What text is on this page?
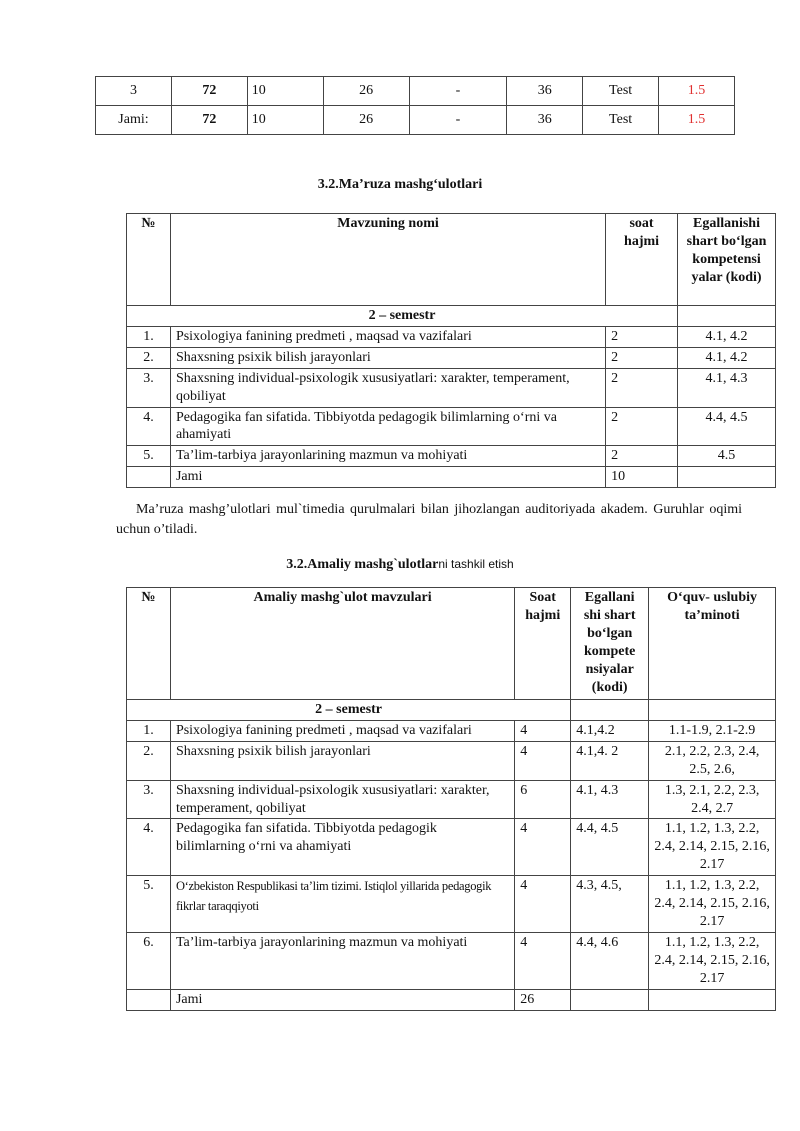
3	72	10	26	-	36	Test	1.5
Jami:	72	10	26	-	36	Test	1.5
3.2.Ma’ruza mashg‘ulotlari
№	Mavzuning nomi	soat hajmi	Egallanishi shart bo‘lgan kompetensi yalar (kodi)
2 – semestr			
1.	Psixologiya fanining predmeti , maqsad va vazifalari	2	4.1, 4.2
2.	Shaxsning psixik bilish jarayonlari	2	4.1, 4.2
3.	Shaxsning individual-psixologik xususiyatlari: xarakter, temperament, qobiliyat	2	4.1, 4.3
4.	Pedagogika fan sifatida. Tibbiyotda pedagogik bilimlarning o‘rni va ahamiyati	2	4.4, 4.5
5.	Ta’lim-tarbiya jarayonlarining mazmun va mohiyati	2	4.5
	Jami	10	
Ma’ruza mashg’ulotlari mul`timedia qurulmalari bilan jihozlangan auditoriyada akadem. Guruhlar oqimi uchun o’tiladi.
3.2.Amaliy mashg`ulotlarni tashkil etish
№	Amaliy mashg`ulot mavzulari	Soat hajmi	Egallani shi shart bo‘lgan kompete nsiyalar (kodi)	O‘quv- uslubiy ta’minoti
2 – semestr				
1.	Psixologiya fanining predmeti , maqsad va vazifalari	4	4.1,4.2	1.1-1.9, 2.1-2.9
2.	Shaxsning psixik bilish jarayonlari	4	4.1,4. 2	2.1, 2.2, 2.3, 2.4, 2.5, 2.6,
3.	Shaxsning individual-psixologik xususiyatlari: xarakter, temperament, qobiliyat	6	4.1, 4.3	1.3, 2.1, 2.2, 2.3, 2.4, 2.7
4.	Pedagogika fan sifatida. Tibbiyotda pedagogik bilimlarning o‘rni va ahamiyati	4	4.4, 4.5	1.1, 1.2, 1.3, 2.2, 2.4, 2.14, 2.15, 2.16, 2.17
5.	O‘zbekiston Respublikasi ta’lim tizimi. Istiqlol yillarida pedagogik fikrlar taraqqiyoti	4	4.3, 4.5,	1.1, 1.2, 1.3, 2.2, 2.4, 2.14, 2.15, 2.16, 2.17
6.	Ta’lim-tarbiya jarayonlarining mazmun va mohiyati	4	4.4, 4.6	1.1, 1.2, 1.3, 2.2, 2.4, 2.14, 2.15, 2.16, 2.17
	Jami	26		
